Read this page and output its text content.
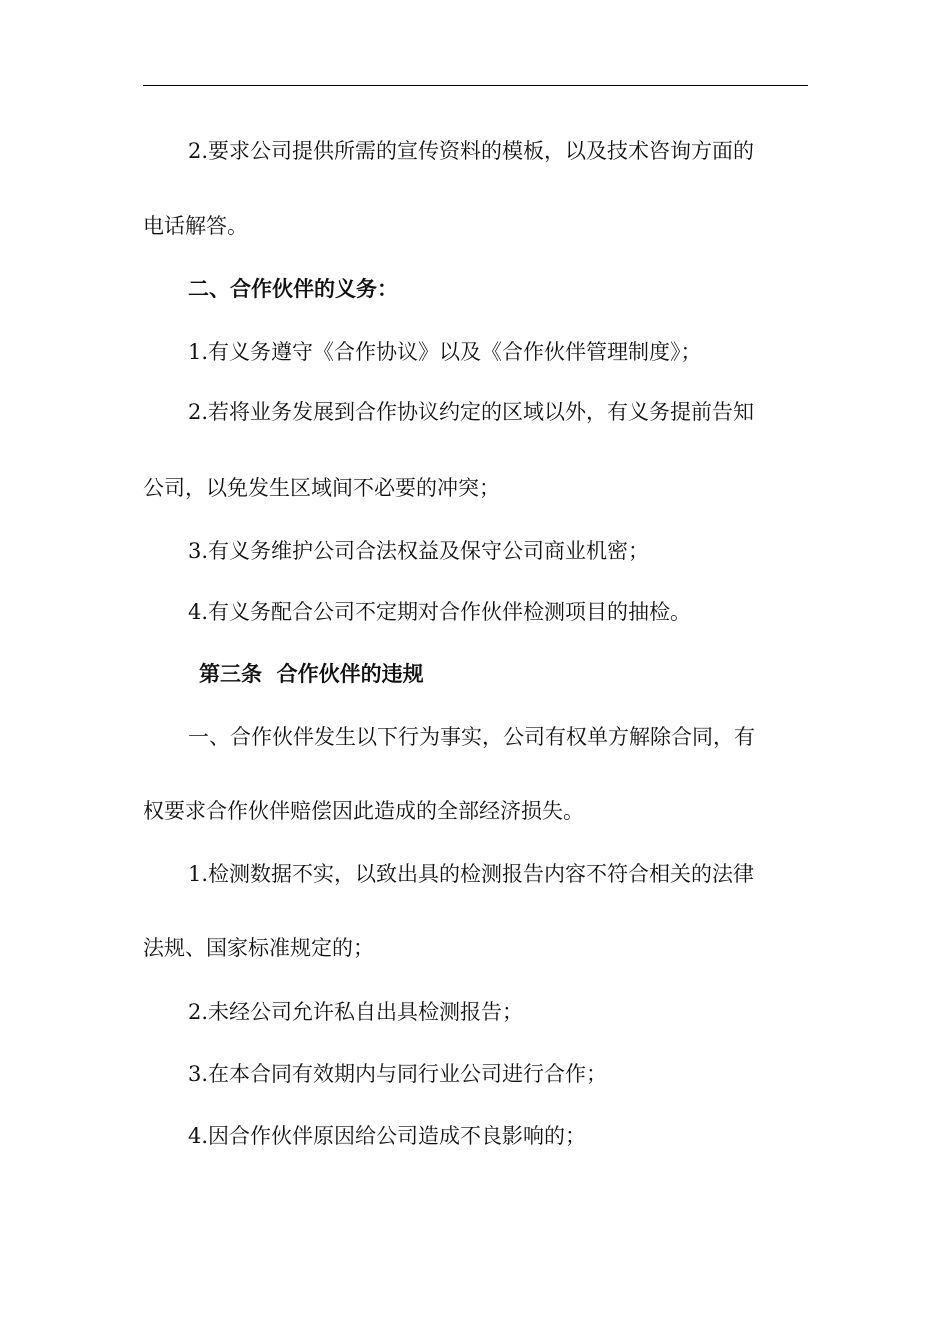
2.要求公司提供所需的宣传资料的模板，以及技术咨询方面的
电话解答。
二、合作伙伴的义务：
1.有义务遵守《合作协议》以及《合作伙伴管理制度》；
2.若将业务发展到合作协议约定的区域以外，有义务提前告知
公司，以免发生区域间不必要的冲突；
3.有义务维护公司合法权益及保守公司商业机密；
4.有义务配合公司不定期对合作伙伴检测项目的抽检。
第三条  合作伙伴的违规
一、合作伙伴发生以下行为事实，公司有权单方解除合同，有
权要求合作伙伴赔偿因此造成的全部经济损失。
1.检测数据不实，以致出具的检测报告内容不符合相关的法律
法规、国家标准规定的；
2.未经公司允许私自出具检测报告；
3.在本合同有效期内与同行业公司进行合作；
4.因合作伙伴原因给公司造成不良影响的；
